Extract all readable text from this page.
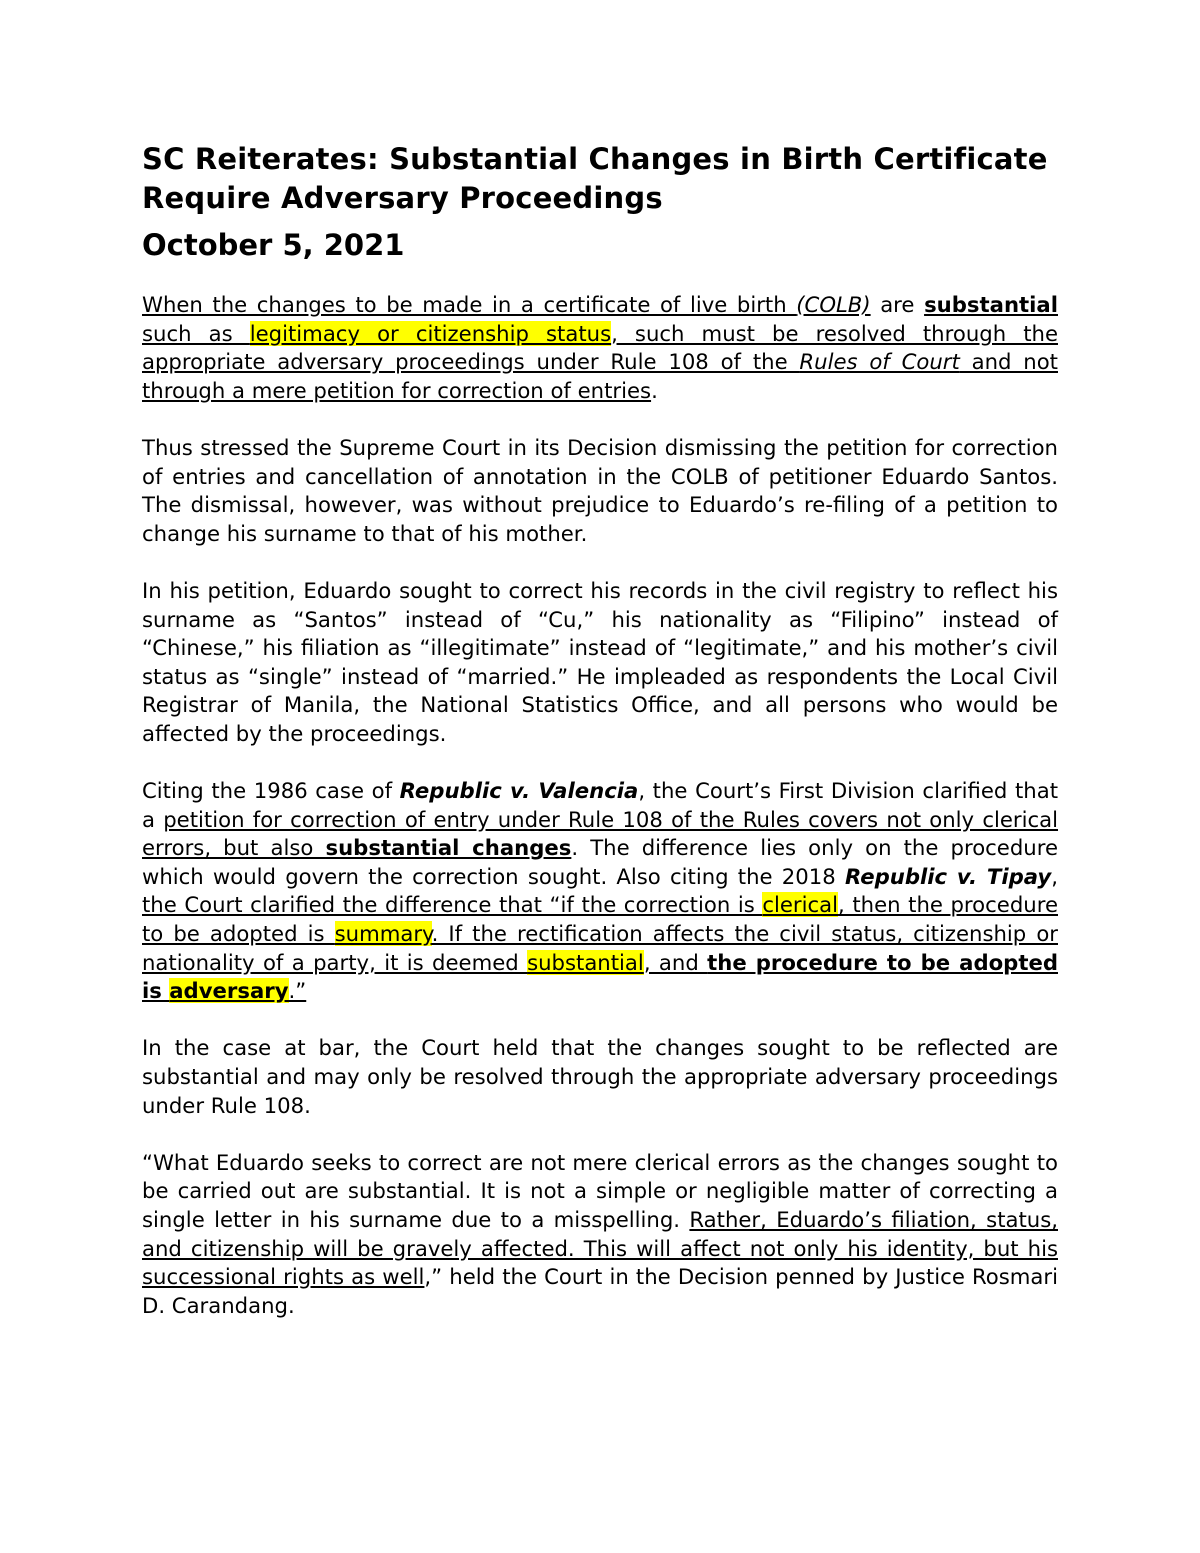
SC Reiterates: Substantial Changes in Birth Certificate Require Adversary Proceedings
October 5, 2021

When the changes to be made in a certificate of live birth (COLB) are substantial such as legitimacy or citizenship status, such must be resolved through the appropriate adversary proceedings under Rule 108 of the Rules of Court and not through a mere petition for correction of entries.

Thus stressed the Supreme Court in its Decision dismissing the petition for correction of entries and cancellation of annotation in the COLB of petitioner Eduardo Santos. The dismissal, however, was without prejudice to Eduardo’s re-filing of a petition to change his surname to that of his mother.

In his petition, Eduardo sought to correct his records in the civil registry to reflect his surname as “Santos” instead of “Cu,” his nationality as “Filipino” instead of “Chinese,” his filiation as “illegitimate” instead of “legitimate,” and his mother’s civil status as “single” instead of “married.” He impleaded as respondents the Local Civil Registrar of Manila, the National Statistics Office, and all persons who would be affected by the proceedings.

Citing the 1986 case of Republic v. Valencia, the Court’s First Division clarified that a petition for correction of entry under Rule 108 of the Rules covers not only clerical errors, but also substantial changes. The difference lies only on the procedure which would govern the correction sought. Also citing the 2018 Republic v. Tipay, the Court clarified the difference that “if the correction is clerical, then the procedure to be adopted is summary. If the rectification affects the civil status, citizenship or nationality of a party, it is deemed substantial, and the procedure to be adopted is adversary.”

In the case at bar, the Court held that the changes sought to be reflected are substantial and may only be resolved through the appropriate adversary proceedings under Rule 108.

“What Eduardo seeks to correct are not mere clerical errors as the changes sought to be carried out are substantial. It is not a simple or negligible matter of correcting a single letter in his surname due to a misspelling. Rather, Eduardo’s filiation, status, and citizenship will be gravely affected. This will affect not only his identity, but his successional rights as well,” held the Court in the Decision penned by Justice Rosmari D. Carandang.
